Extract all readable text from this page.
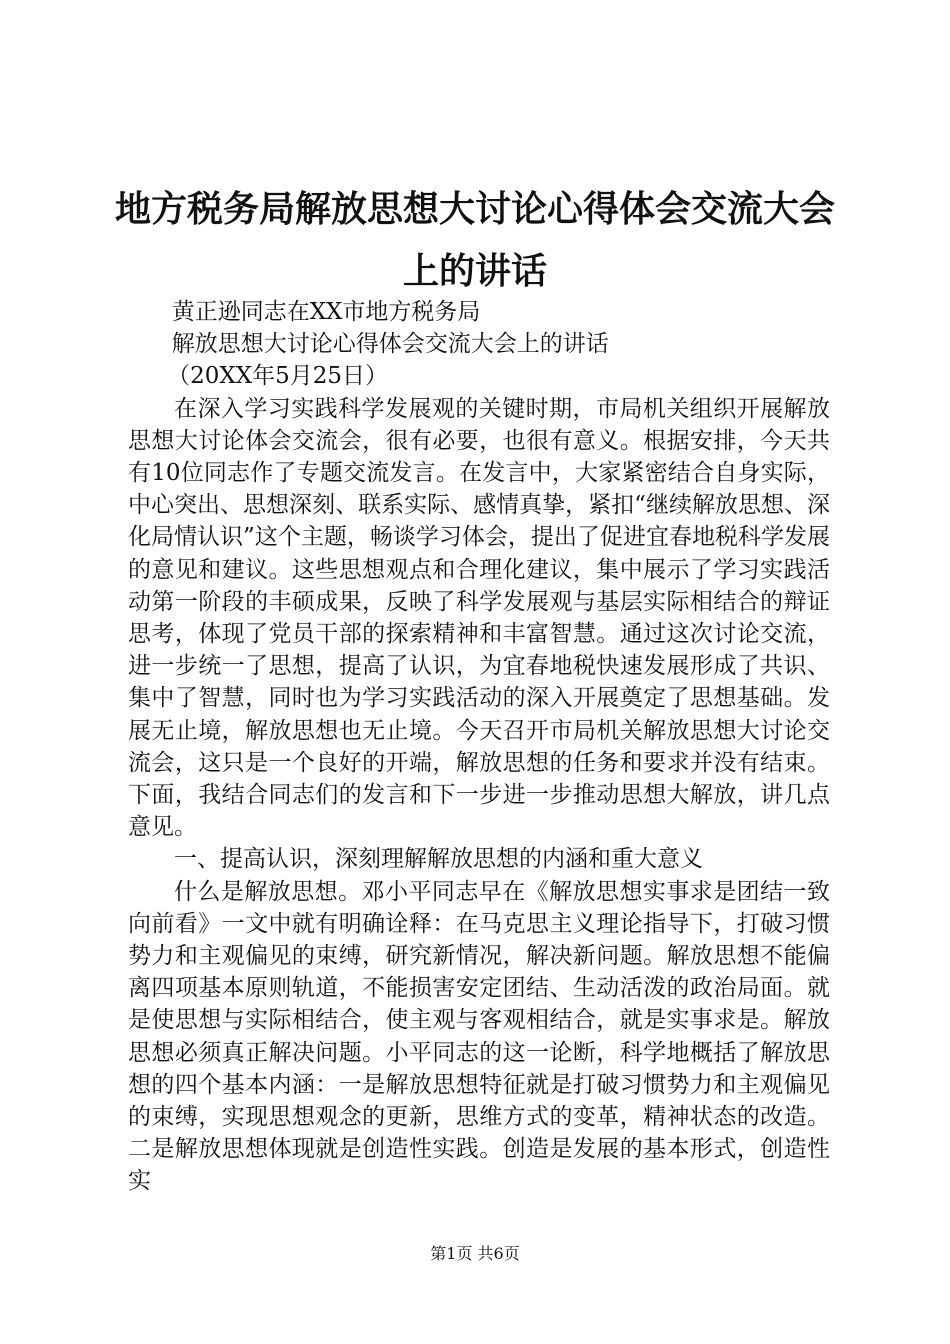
地方税务局解放思想大讨论心得体会交流大会
上的讲话

黄正逊同志在XX市地方税务局

解放思想大讨论心得体会交流大会上的讲话

（20XX年5月25日）

在深入学习实践科学发展观的关键时期，市局机关组织开展解放思想大讨论体会交流会，很有必要，也很有意义。根据安排，今天共有10位同志作了专题交流发言。在发言中，大家紧密结合自身实际，中心突出、思想深刻、联系实际、感情真挚，紧扣“继续解放思想、深化局情认识”这个主题，畅谈学习体会，提出了促进宜春地税科学发展的意见和建议。这些思想观点和合理化建议，集中展示了学习实践活动第一阶段的丰硕成果，反映了科学发展观与基层实际相结合的辩证思考，体现了党员干部的探索精神和丰富智慧。通过这次讨论交流，进一步统一了思想，提高了认识，为宜春地税快速发展形成了共识、集中了智慧，同时也为学习实践活动的深入开展奠定了思想基础。发展无止境，解放思想也无止境。今天召开市局机关解放思想大讨论交流会，这只是一个良好的开端，解放思想的任务和要求并没有结束。下面，我结合同志们的发言和下一步进一步推动思想大解放，讲几点意见。

一、提高认识，深刻理解解放思想的内涵和重大意义

什么是解放思想。邓小平同志早在《解放思想实事求是团结一致向前看》一文中就有明确诠释：在马克思主义理论指导下，打破习惯势力和主观偏见的束缚，研究新情况，解决新问题。解放思想不能偏离四项基本原则轨道，不能损害安定团结、生动活泼的政治局面。就是使思想与实际相结合，使主观与客观相结合，就是实事求是。解放思想必须真正解决问题。小平同志的这一论断，科学地概括了解放思想的四个基本内涵：一是解放思想特征就是打破习惯势力和主观偏见的束缚，实现思想观念的更新，思维方式的变革，精神状态的改造。二是解放思想体现就是创造性实践。创造是发展的基本形式，创造性实

第1页 共6页
